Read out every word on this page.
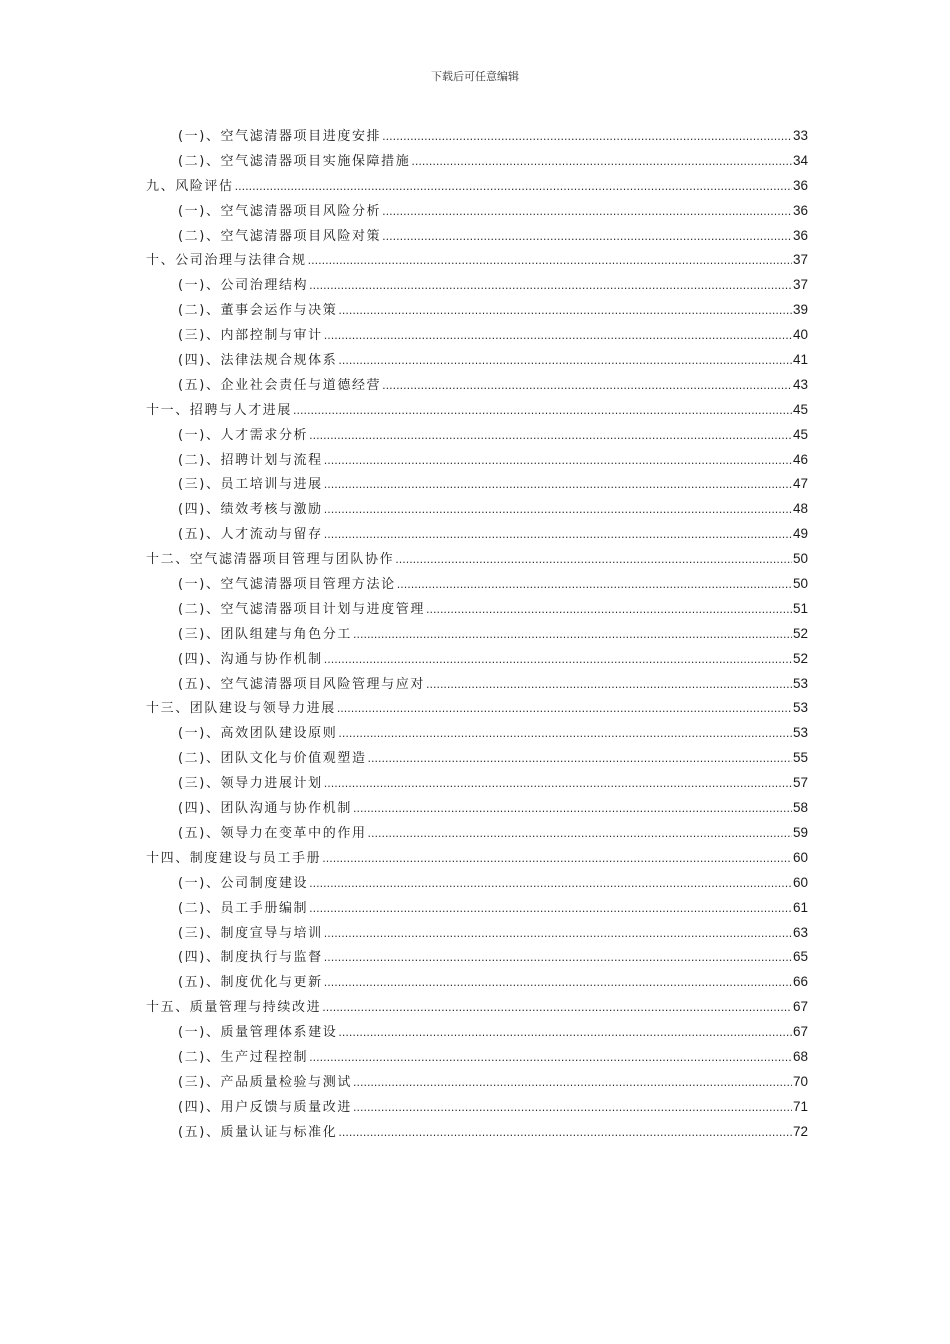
下载后可任意编辑
(一)、空气滤清器项目进度安排 .....	33
(二)、空气滤清器项目实施保障措施 .....	34
九、风险评估 .....	36
(一)、空气滤清器项目风险分析 .....	36
(二)、空气滤清器项目风险对策 .....	36
十、公司治理与法律合规 .....	37
(一)、公司治理结构 .....	37
(二)、董事会运作与决策 .....	39
(三)、内部控制与审计 .....	40
(四)、法律法规合规体系 .....	41
(五)、企业社会责任与道德经营 .....	43
十一、招聘与人才进展 .....	45
(一)、人才需求分析 .....	45
(二)、招聘计划与流程 .....	46
(三)、员工培训与进展 .....	47
(四)、绩效考核与激励 .....	48
(五)、人才流动与留存 .....	49
十二、空气滤清器项目管理与团队协作 .....	50
(一)、空气滤清器项目管理方法论 .....	50
(二)、空气滤清器项目计划与进度管理 .....	51
(三)、团队组建与角色分工 .....	52
(四)、沟通与协作机制 .....	52
(五)、空气滤清器项目风险管理与应对 .....	53
十三、团队建设与领导力进展 .....	53
(一)、高效团队建设原则 .....	53
(二)、团队文化与价值观塑造 .....	55
(三)、领导力进展计划 .....	57
(四)、团队沟通与协作机制 .....	58
(五)、领导力在变革中的作用 .....	59
十四、制度建设与员工手册 .....	60
(一)、公司制度建设 .....	60
(二)、员工手册编制 .....	61
(三)、制度宣导与培训 .....	63
(四)、制度执行与监督 .....	65
(五)、制度优化与更新 .....	66
十五、质量管理与持续改进 .....	67
(一)、质量管理体系建设 .....	67
(二)、生产过程控制 .....	68
(三)、产品质量检验与测试 .....	70
(四)、用户反馈与质量改进 .....	71
(五)、质量认证与标准化 .....	72
